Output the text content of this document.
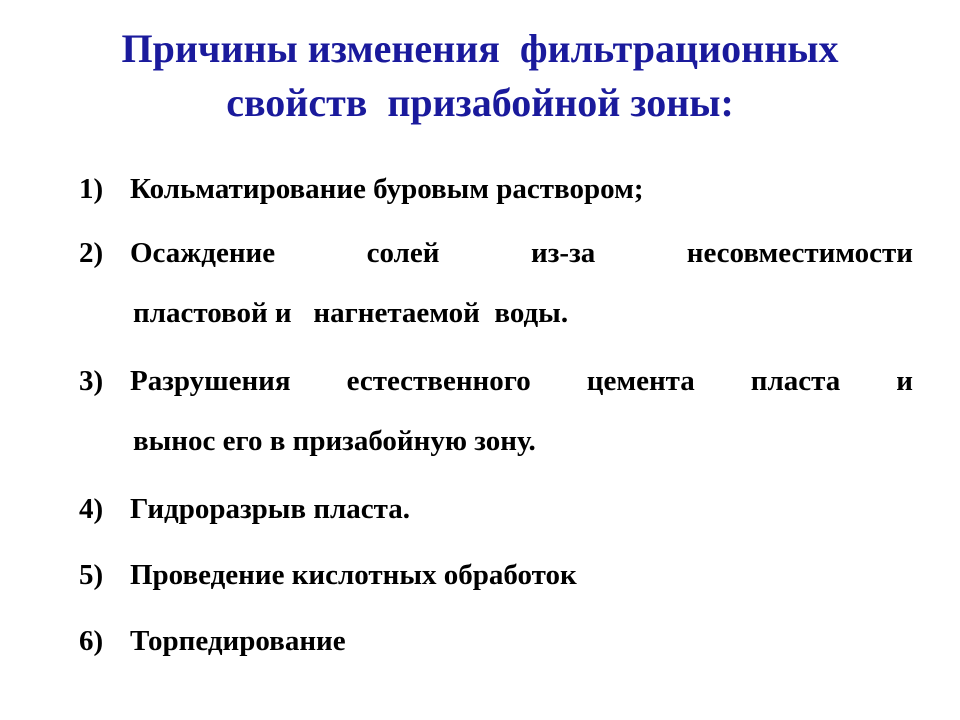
Причины изменения  фильтрационных
свойств  призабойной зоны:
1) Кольматирование буровым раствором;
2) Осаждение солей из-за несовместимости
пластовой и   нагнетаемой  воды.
3) Разрушения естественного цемента пласта и
вынос его в призабойную зону.
4) Гидроразрыв пласта.
5) Проведение кислотных обработок
6) Торпедирование
